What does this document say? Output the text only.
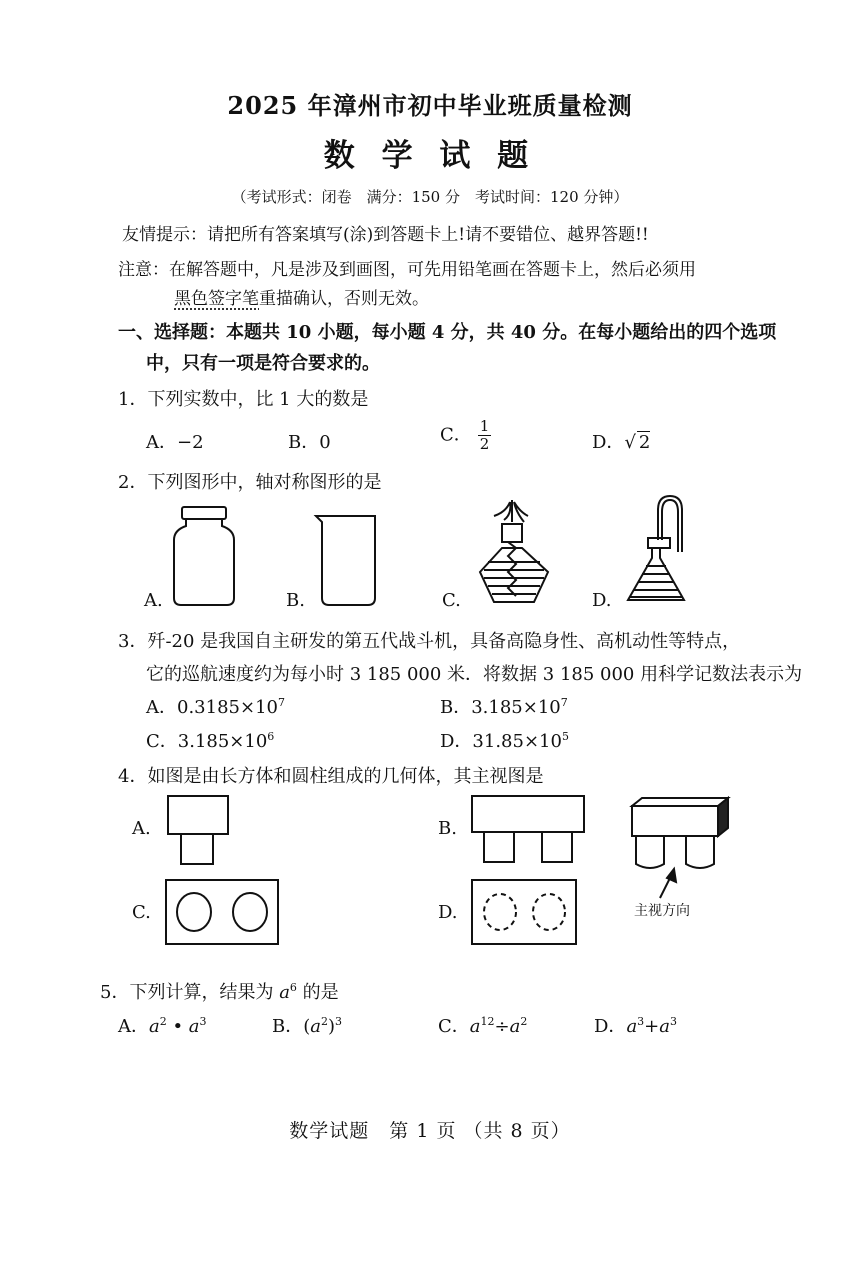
2025 年漳州市初中毕业班质量检测
数 学 试 题
（考试形式：闭卷　满分：150 分　考试时间：120 分钟）
友情提示：请把所有答案填写(涂)到答题卡上!请不要错位、越界答题!!
注意：在解答题中，凡是涉及到画图，可先用铅笔画在答题卡上，然后必须用
黑色签字笔重描确认，否则无效。
一、选择题：本题共 10 小题，每小题 4 分，共 40 分。在每小题给出的四个选项
中，只有一项是符合要求的。
1．下列实数中，比 1 大的数是
A．−2	B．0	C． $\frac{1}{2}$	D．√ 2
2．下列图形中，轴对称图形的是
A.	B.	C.	D.
3．歼-20 是我国自主研发的第五代战斗机，具备高隐身性、高机动性等特点，
它的巡航速度约为每小时 3 185 000 米．将数据 3 185 000 用科学记数法表示为
A．$0.3185\times 10^7$	B．$3.185\times 10^7$
C．$3.185\times 10^6$	D．$31.85\times 10^5$
4．如图是由长方体和圆柱组成的几何体，其主视图是
A.	B.
C.	D.	主视方向
5．下列计算，结果为 $a^6$ 的是
A．$a^2$ • $a^3$	B．$(a^2)^3$	C．$a^{12}\div a^2$	D．$a^3+a^3$
数学试题　第 1 页 （共 8 页）
